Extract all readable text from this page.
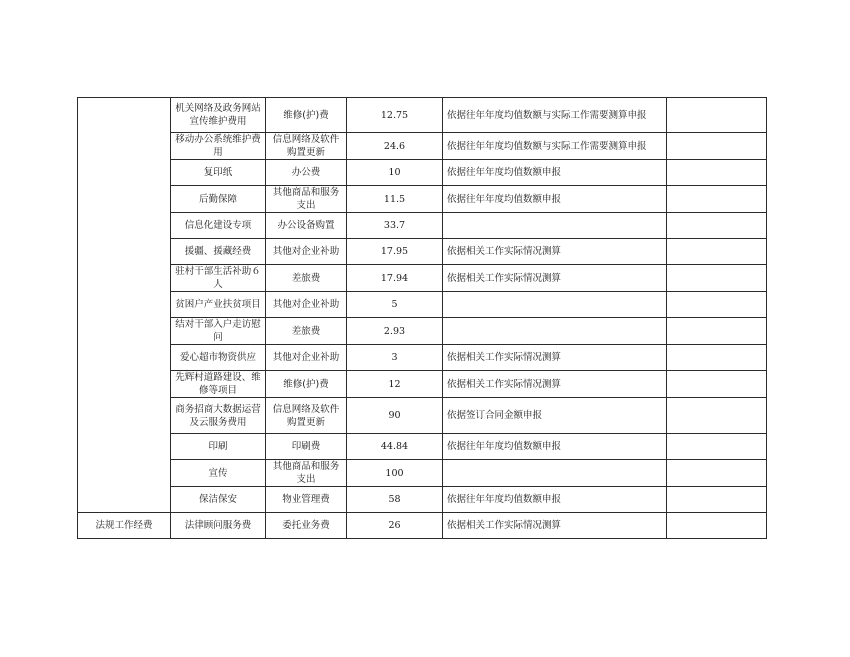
	机关网络及政务网站宣传维护费用	维修(护)费	12.75	依据往年年度均值数额与实际工作需要测算申报	
	移动办公系统维护费用	信息网络及软件购置更新	24.6	依据往年年度均值数额与实际工作需要测算申报	
	复印纸	办公费	10	依据往年年度均值数额申报	
	后勤保障	其他商品和服务支出	11.5	依据往年年度均值数额申报	
	信息化建设专项	办公设备购置	33.7		
	援疆、援藏经费	其他对企业补助	17.95	依据相关工作实际情况测算	
	驻村干部生活补助６人	差旅费	17.94	依据相关工作实际情况测算	
	贫困户产业扶贫项目	其他对企业补助	5		
	结对干部入户走访慰问	差旅费	2.93		
	爱心超市物资供应	其他对企业补助	3	依据相关工作实际情况测算	
	先辉村道路建设、维修等项目	维修(护)费	12	依据相关工作实际情况测算	
	商务招商大数据运营及云服务费用	信息网络及软件购置更新	90	依据签订合同金额申报	
	印刷	印刷费	44.84	依据往年年度均值数额申报	
	宣传	其他商品和服务支出	100		
	保洁保安	物业管理费	58	依据往年年度均值数额申报	
法规工作经费	法律顾问服务费	委托业务费	26	依据相关工作实际情况测算	
